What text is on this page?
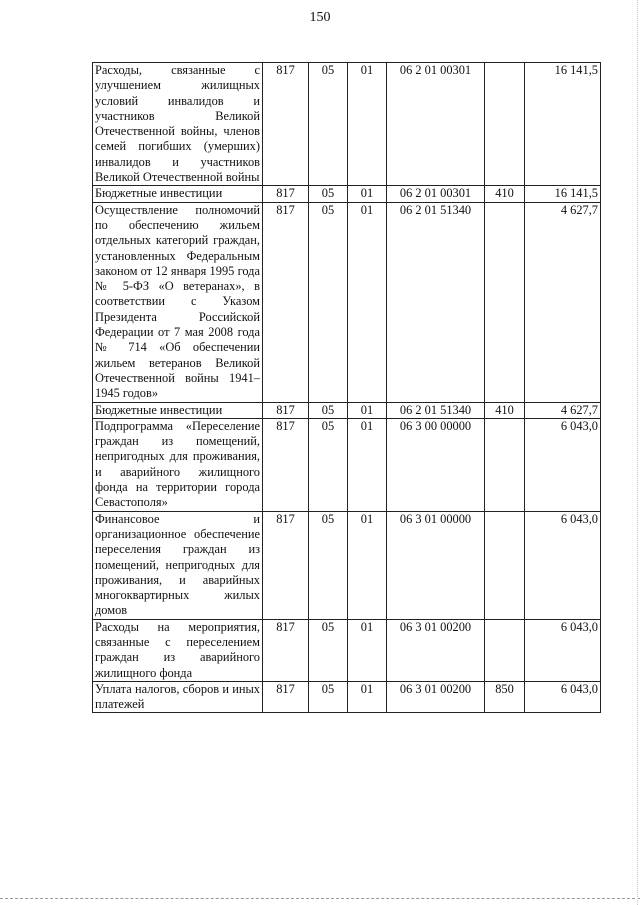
150
Расходы, связанные с улучшением жилищных условий инвалидов и участников Великой Отечественной войны, членов семей погибших (умерших) инвалидов и участников Великой Отечественной войны	817	05	01	06 2 01 00301		16 141,5
Бюджетные инвестиции	817	05	01	06 2 01 00301	410	16 141,5
Осуществление полномочий по обеспечению жильем отдельных категорий граждан, установленных Федеральным законом от 12 января 1995 года № 5-ФЗ «О ветеранах», в соответствии с Указом Президента Российской Федерации от 7 мая 2008 года № 714 «Об обеспечении жильем ветеранов Великой Отечественной войны 1941–1945 годов»	817	05	01	06 2 01 51340		4 627,7
Бюджетные инвестиции	817	05	01	06 2 01 51340	410	4 627,7
Подпрограмма «Переселение граждан из помещений, непригодных для проживания, и аварийного жилищного фонда на территории города Севастополя»	817	05	01	06 3 00 00000		6 043,0
Финансовое и организационное обеспечение переселения граждан из помещений, непригодных для проживания, и аварийных многоквартирных жилых домов	817	05	01	06 3 01 00000		6 043,0
Расходы на мероприятия, связанные с переселением граждан из аварийного жилищного фонда	817	05	01	06 3 01 00200		6 043,0
Уплата налогов, сборов и иных платежей	817	05	01	06 3 01 00200	850	6 043,0
